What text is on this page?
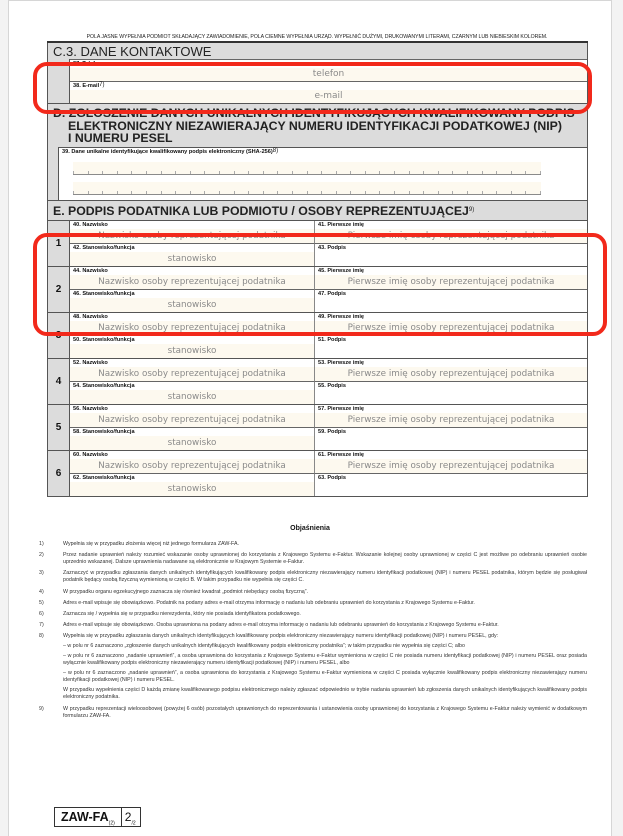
POLA JASNE WYPEŁNIA PODMIOT SKŁADAJĄCY ZAWIADOMIENIE, POLA CIEMNE WYPEŁNIA URZĄD. WYPEŁNIĆ DUŻYMI, DRUKOWANYMI LITERAMI, CZARNYM LUB NIEBIESKIM KOLOREM.
C.3. DANE KONTAKTOWE
37. Telefon
telefon
38. E-mail$^{7)}$
e-mail
D. ZGŁOSZENIE DANYCH UNIKALNYCH IDENTYFIKUJĄCYCH KWALIFIKOWANY PODPIS
ELEKTRONICZNY NIEZAWIERAJĄCY NUMERU IDENTYFIKACJI PODATKOWEJ (NIP)
I NUMERU PESEL
39. Dane unikalne identyfikujące kwalifikowany podpis elektroniczny (SHA-256)$^{8)}$
E. PODPIS PODATNIKA LUB PODMIOTU / OSOBY REPREZENTUJĄCEJ$^{9)}$
1
40. Nazwisko
Nazwisko osoby reprezentującej podatnika
41. Pierwsze imię
Pierwsze imię osoby reprezentującej podatnika
42. Stanowisko/funkcja
stanowisko
43. Podpis
2
44. Nazwisko
Nazwisko osoby reprezentującej podatnika
45. Pierwsze imię
Pierwsze imię osoby reprezentującej podatnika
46. Stanowisko/funkcja
stanowisko
47. Podpis
3
48. Nazwisko
Nazwisko osoby reprezentującej podatnika
49. Pierwsze imię
Pierwsze imię osoby reprezentującej podatnika
50. Stanowisko/funkcja
stanowisko
51. Podpis
4
52. Nazwisko
Nazwisko osoby reprezentującej podatnika
53. Pierwsze imię
Pierwsze imię osoby reprezentującej podatnika
54. Stanowisko/funkcja
stanowisko
55. Podpis
5
56. Nazwisko
Nazwisko osoby reprezentującej podatnika
57. Pierwsze imię
Pierwsze imię osoby reprezentującej podatnika
58. Stanowisko/funkcja
stanowisko
59. Podpis
6
60. Nazwisko
Nazwisko osoby reprezentującej podatnika
61. Pierwsze imię
Pierwsze imię osoby reprezentującej podatnika
62. Stanowisko/funkcja
stanowisko
63. Podpis
Objaśnienia
1)	Wypełnia się w przypadku złożenia więcej niż jednego formularza ZAW-FA.
2)	Przez nadanie uprawnień należy rozumieć wskazanie osoby uprawnionej do korzystania z Krajowego Systemu e-Faktur. Wskazanie kolejnej osoby uprawnionej w części C jest możliwe po odebraniu uprawnień osobie uprzednio wskazanej. Dalsze uprawnienia nadawane są elektronicznie w Krajowym Systemie e-Faktur.
3)	Zaznaczyć w przypadku zgłaszania danych unikalnych identyfikujących kwalifikowany podpis elektroniczny niezawierający numeru identyfikacji podatkowej (NIP) i numeru PESEL podatnika, którym będzie się posługiwał podatnik będący osobą fizyczną wymienioną w części B. W takim przypadku nie wypełnia się części C.
4)	W przypadku organu egzekucyjnego zaznacza się również kwadrat „podmiot niebędący osobą fizyczną”.
5)	Adres e-mail wpisuje się obowiązkowo. Podatnik na podany adres e-mail otrzyma informację o nadaniu lub odebraniu uprawnień do korzystania z Krajowego Systemu e-Faktur.
6)	Zaznacza się / wypełnia się w przypadku nierezydenta, który nie posiada identyfikatora podatkowego.
7)	Adres e-mail wpisuje się obowiązkowo. Osoba uprawniona na podany adres e-mail otrzyma informację o nadaniu lub odebraniu uprawnień do korzystania z Krajowego Systemu e-Faktur.
8)	Wypełnia się w przypadku zgłaszania danych unikalnych identyfikujących kwalifikowany podpis elektroniczny niezawierający numeru identyfikacji podatkowej (NIP) i numeru PESEL, gdy:
– w polu nr 6 zaznaczono „zgłoszenie danych unikalnych identyfikujących kwalifikowany podpis elektroniczny podatnika”; w takim przypadku nie wypełnia się części C; albo
– w polu nr 6 zaznaczono „nadanie uprawnień”, a osoba uprawniona do korzystania z Krajowego Systemu e-Faktur wymieniona w części C nie posiada numeru identyfikacji podatkowej (NIP) i numeru PESEL oraz posiada wyłącznie kwalifikowany podpis elektroniczny niezawierający numeru identyfikacji podatkowej (NIP) i numeru PESEL, albo
– w polu nr 6 zaznaczono „nadanie uprawnień”, a osoba uprawniona do korzystania z Krajowego Systemu e-Faktur wymieniona w części C posiada wyłącznie kwalifikowany podpis elektroniczny niezawierający numeru identyfikacji podatkowej (NIP) i numeru PESEL.
W przypadku wypełnienia części D każdą zmianę kwalifikowanego podpisu elektronicznego należy zgłaszać odpowiednio w trybie nadania uprawnień lub zgłoszenia danych unikalnych identyfikujących kwalifikowany podpis elektroniczny podatnika.
9)	W przypadku reprezentacji wieloosobowej (powyżej 6 osób) pozostałych uprawnionych do reprezentowania i ustanowienia osoby uprawnionej do korzystania z Krajowego Systemu e-Faktur należy wymienić w dodatkowym formularzu ZAW-FA.
ZAW-$FA_{(2)}$ $2_{/2}$
